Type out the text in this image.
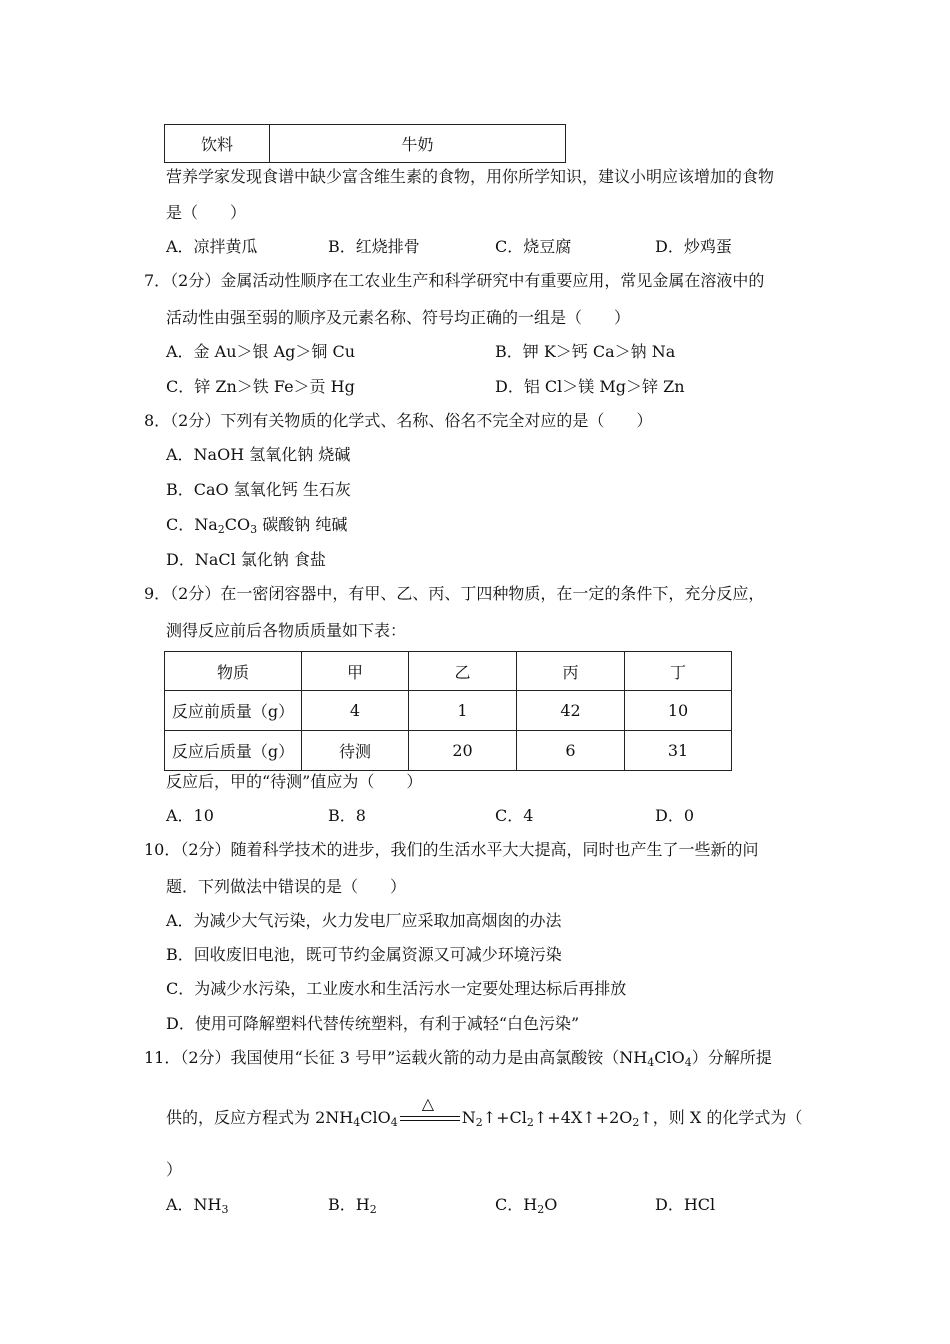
饮料	牛奶
营养学家发现食谱中缺少富含维生素的食物，用你所学知识，建议小明应该增加的食物
是（　　）
A．凉拌黄瓜	B．红烧排骨	C．烧豆腐	D．炒鸡蛋
7．（2分）金属活动性顺序在工农业生产和科学研究中有重要应用，常见金属在溶液中的
活动性由强至弱的顺序及元素名称、符号均正确的一组是（　　）
A．金 Au＞银 Ag＞铜 Cu	B．钾 K＞钙 Ca＞钠 Na
C．锌 Zn＞铁 Fe＞贡 Hg	D．铝 Cl＞镁 Mg＞锌 Zn
8．（2分）下列有关物质的化学式、名称、俗名不完全对应的是（　　）
A．NaOH 氢氧化钠 烧碱
B．CaO 氢氧化钙 生石灰
C．$Na_2CO_3$ 碳酸钠 纯碱
D．NaCl 氯化钠 食盐
9．（2分）在一密闭容器中，有甲、乙、丙、丁四种物质，在一定的条件下，充分反应，
测得反应前后各物质质量如下表：
物质	甲	乙	丙	丁
反应前质量（g）	4	1	42	10
反应后质量（g）	待测	20	6	31
反应后，甲的“待测”值应为（　　）
A．10	B．8	C．4	D．0
10．（2分）随着科学技术的进步，我们的生活水平大大提高，同时也产生了一些新的问
题．下列做法中错误的是（　　）
A．为减少大气污染，火力发电厂应采取加高烟囱的办法
B．回收废旧电池，既可节约金属资源又可减少环境污染
C．为减少水污染，工业废水和生活污水一定要处理达标后再排放
D．使用可降解塑料代替传统塑料，有利于减轻“白色污染”
11．（2分）我国使用“长征 3 号甲”运载火箭的动力是由高氯酸铵$(NH_4ClO_4)$分解所提
供的，反应方程式为 $2NH_4ClO_4$
△
$N_2↑+Cl_2↑+4X↑+2O_2↑$，则 X 的化学式为（
）
A．$NH_3$	B．$H_2$	C．$H_2O$	D．HCl
